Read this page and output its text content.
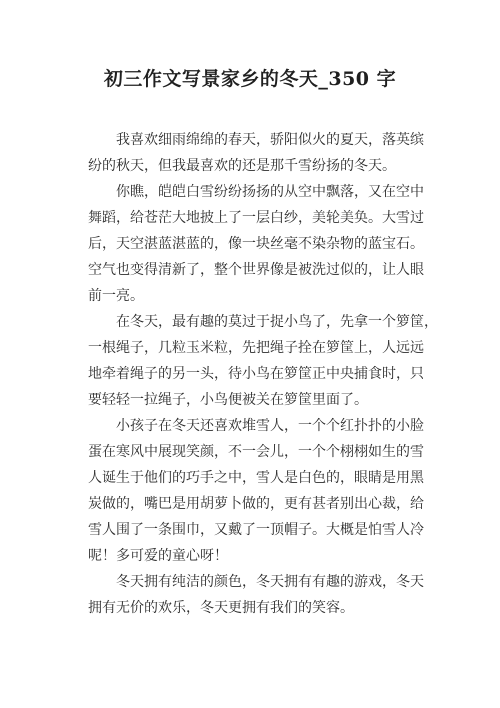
初三作文写景家乡的冬天_350 字

我喜欢细雨绵绵的春天，骄阳似火的夏天，落英缤
纷的秋天，但我最喜欢的还是那千雪纷扬的冬天。

你瞧，皑皑白雪纷纷扬扬的从空中飘落，又在空中
舞蹈，给苍茫大地披上了一层白纱，美轮美奂。大雪过
后，天空湛蓝湛蓝的，像一块丝毫不染杂物的蓝宝石。
空气也变得清新了，整个世界像是被洗过似的，让人眼
前一亮。

在冬天，最有趣的莫过于捉小鸟了，先拿一个箩筐，
一根绳子，几粒玉米粒，先把绳子拴在箩筐上，人远远
地牵着绳子的另一头，待小鸟在箩筐正中央捕食时，只
要轻轻一拉绳子，小鸟便被关在箩筐里面了。

小孩子在冬天还喜欢堆雪人，一个个红扑扑的小脸
蛋在寒风中展现笑颜，不一会儿，一个个栩栩如生的雪
人诞生于他们的巧手之中，雪人是白色的，眼睛是用黑
炭做的，嘴巴是用胡萝卜做的，更有甚者别出心裁，给
雪人围了一条围巾，又戴了一顶帽子。大概是怕雪人冷
呢！多可爱的童心呀！

冬天拥有纯洁的颜色，冬天拥有有趣的游戏，冬天
拥有无价的欢乐，冬天更拥有我们的笑容。
